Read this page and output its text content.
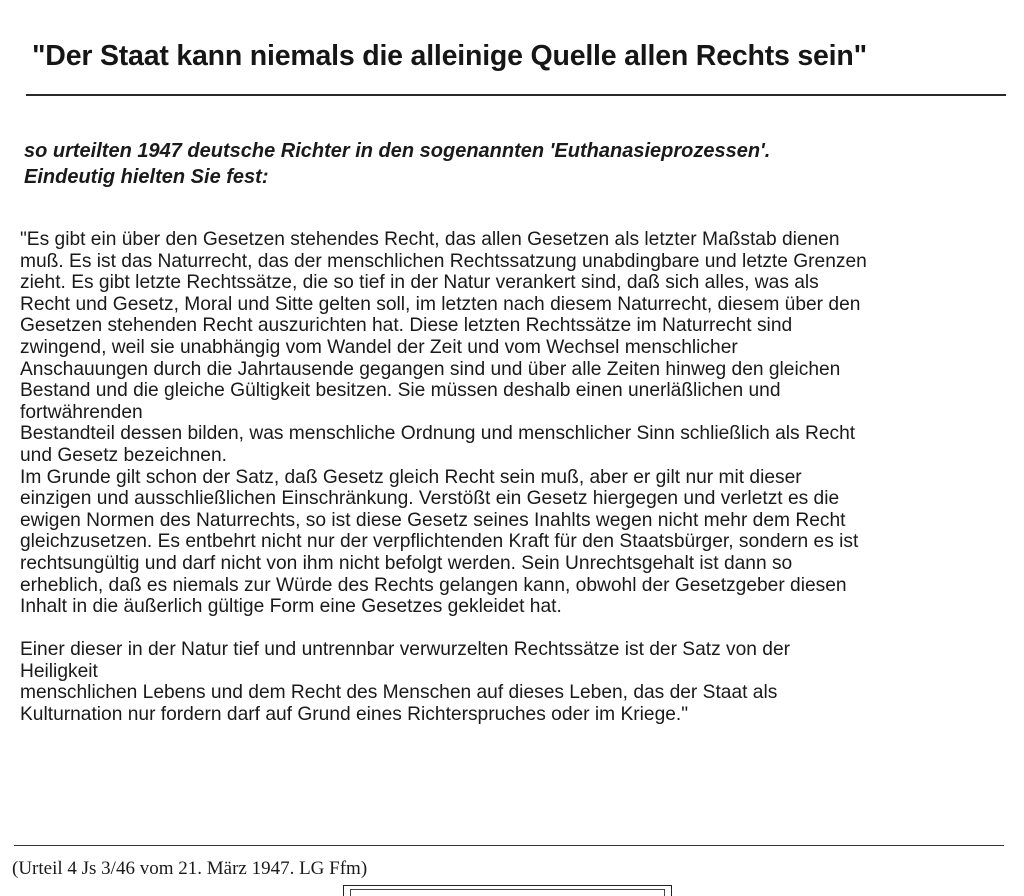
"Der Staat kann niemals die alleinige Quelle allen Rechts sein"
so urteilten 1947 deutsche Richter in den sogenannten 'Euthanasieprozessen'.
Eindeutig hielten Sie fest:
"Es gibt ein über den Gesetzen stehendes Recht, das allen Gesetzen als letzter Maßstab dienen
muß. Es ist das Naturrecht, das der menschlichen Rechtssatzung unabdingbare und letzte Grenzen
zieht. Es gibt letzte Rechtssätze, die so tief in der Natur verankert sind, daß sich alles, was als
Recht und Gesetz, Moral und Sitte gelten soll, im letzten nach diesem Naturrecht, diesem über den
Gesetzen stehenden Recht auszurichten hat. Diese letzten Rechtssätze im Naturrecht sind
zwingend, weil sie unabhängig vom Wandel der Zeit und vom Wechsel menschlicher
Anschauungen durch die Jahrtausende gegangen sind und über alle Zeiten hinweg den gleichen
Bestand und die gleiche Gültigkeit besitzen. Sie müssen deshalb einen unerläßlichen und
fortwährenden
Bestandteil dessen bilden, was menschliche Ordnung und menschlicher Sinn schließlich als Recht
und Gesetz bezeichnen.
Im Grunde gilt schon der Satz, daß Gesetz gleich Recht sein muß, aber er gilt nur mit dieser
einzigen und ausschließlichen Einschränkung. Verstößt ein Gesetz hiergegen und verletzt es die
ewigen Normen des Naturrechts, so ist diese Gesetz seines Inahlts wegen nicht mehr dem Recht
gleichzusetzen. Es entbehrt nicht nur der verpflichtenden Kraft für den Staatsbürger, sondern es ist
rechtsungültig und darf nicht von ihm nicht befolgt werden. Sein Unrechtsgehalt ist dann so
erheblich, daß es niemals zur Würde des Rechts gelangen kann, obwohl der Gesetzgeber diesen
Inhalt in die äußerlich gültige Form eine Gesetzes gekleidet hat.
Einer dieser in der Natur tief und untrennbar verwurzelten Rechtssätze ist der Satz von der
Heiligkeit
menschlichen Lebens und dem Recht des Menschen auf dieses Leben, das der Staat als
Kulturnation nur fordern darf auf Grund eines Richterspruches oder im Kriege."
(Urteil 4 Js 3/46 vom 21. März 1947. LG Ffm)
